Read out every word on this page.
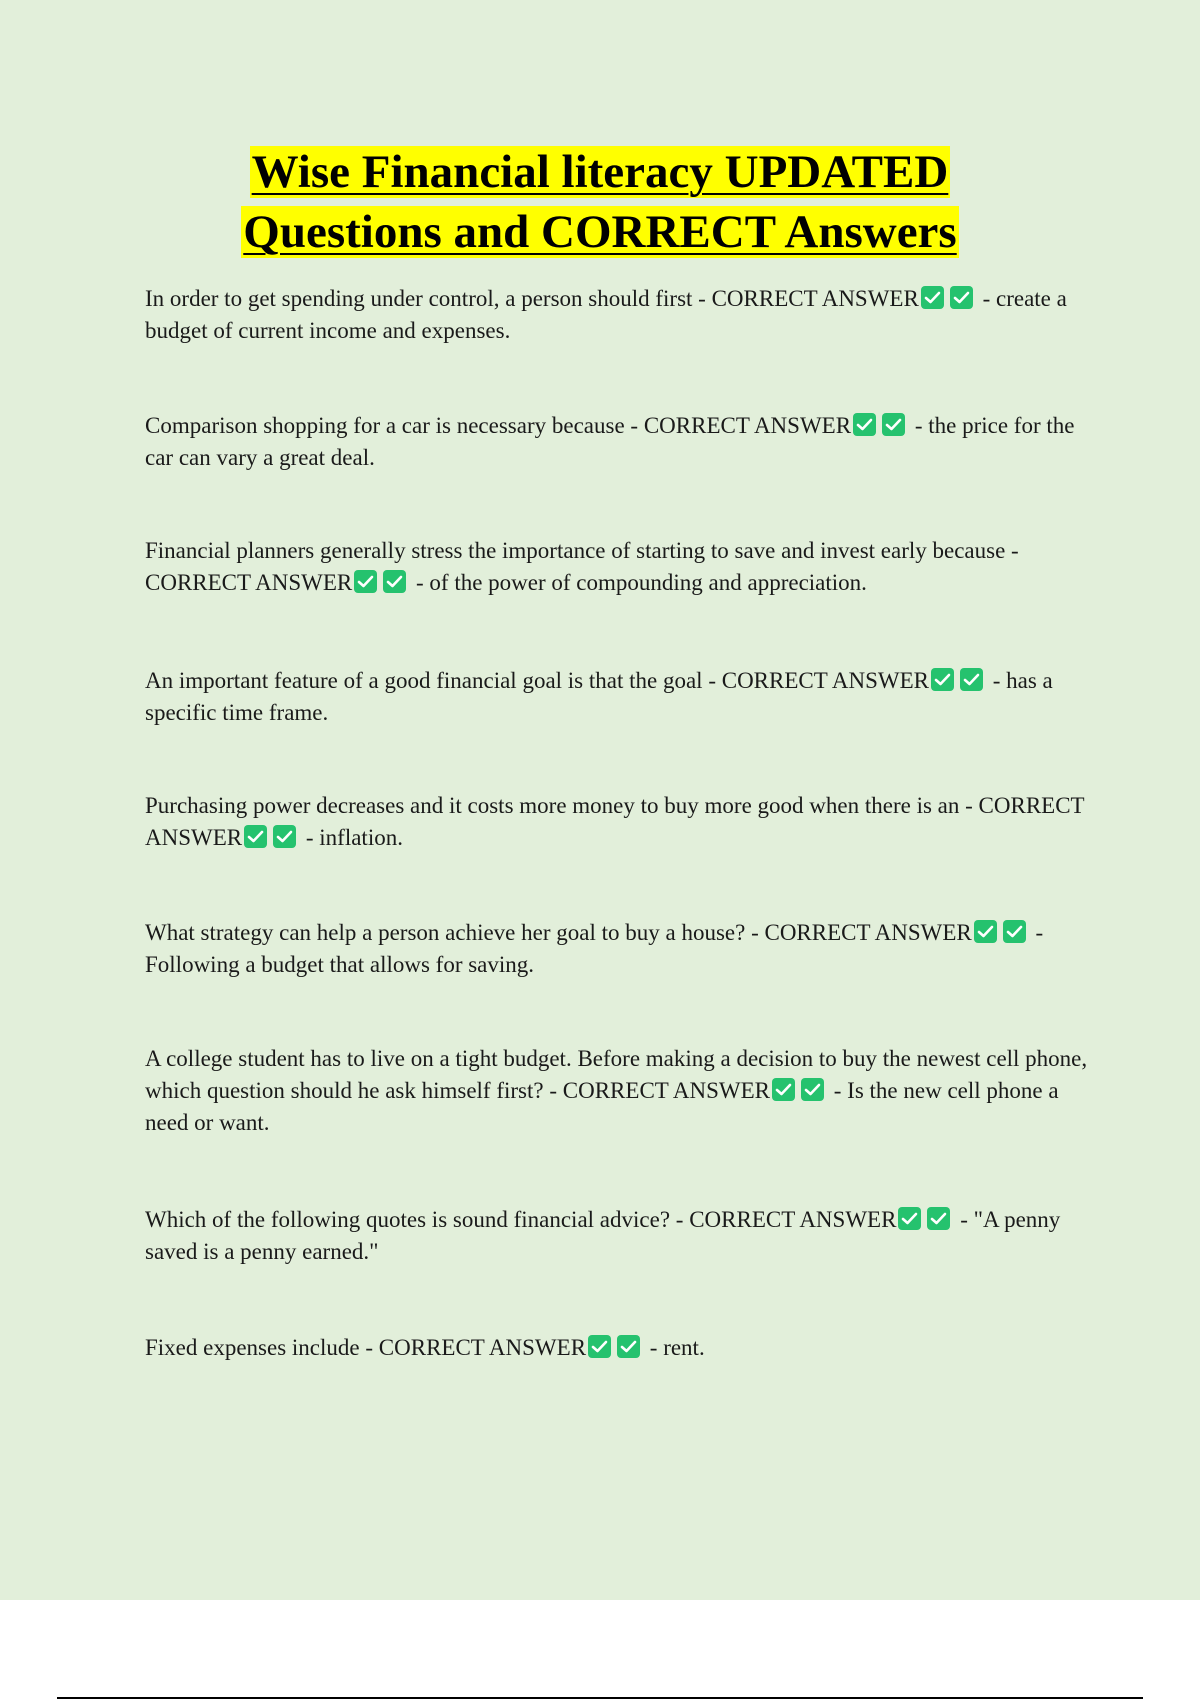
Wise Financial literacy UPDATED
Questions and CORRECT Answers

In order to get spending under control, a person should first - CORRECT ANSWER	- create a budget of current income and expenses.

Comparison shopping for a car is necessary because - CORRECT ANSWER	- the price for the car can vary a great deal.

Financial planners generally stress the importance of starting to save and invest early because - CORRECT ANSWER	- of the power of compounding and appreciation.

An important feature of a good financial goal is that the goal - CORRECT ANSWER	- has a specific time frame.

Purchasing power decreases and it costs more money to buy more good when there is an - CORRECT ANSWER	- inflation.

What strategy can help a person achieve her goal to buy a house? - CORRECT ANSWER	- Following a budget that allows for saving.

A college student has to live on a tight budget. Before making a decision to buy the newest cell phone, which question should he ask himself first? - CORRECT ANSWER	- Is the new cell phone a need or want.

Which of the following quotes is sound financial advice? - CORRECT ANSWER	- "A penny saved is a penny earned."

Fixed expenses include - CORRECT ANSWER	- rent.
